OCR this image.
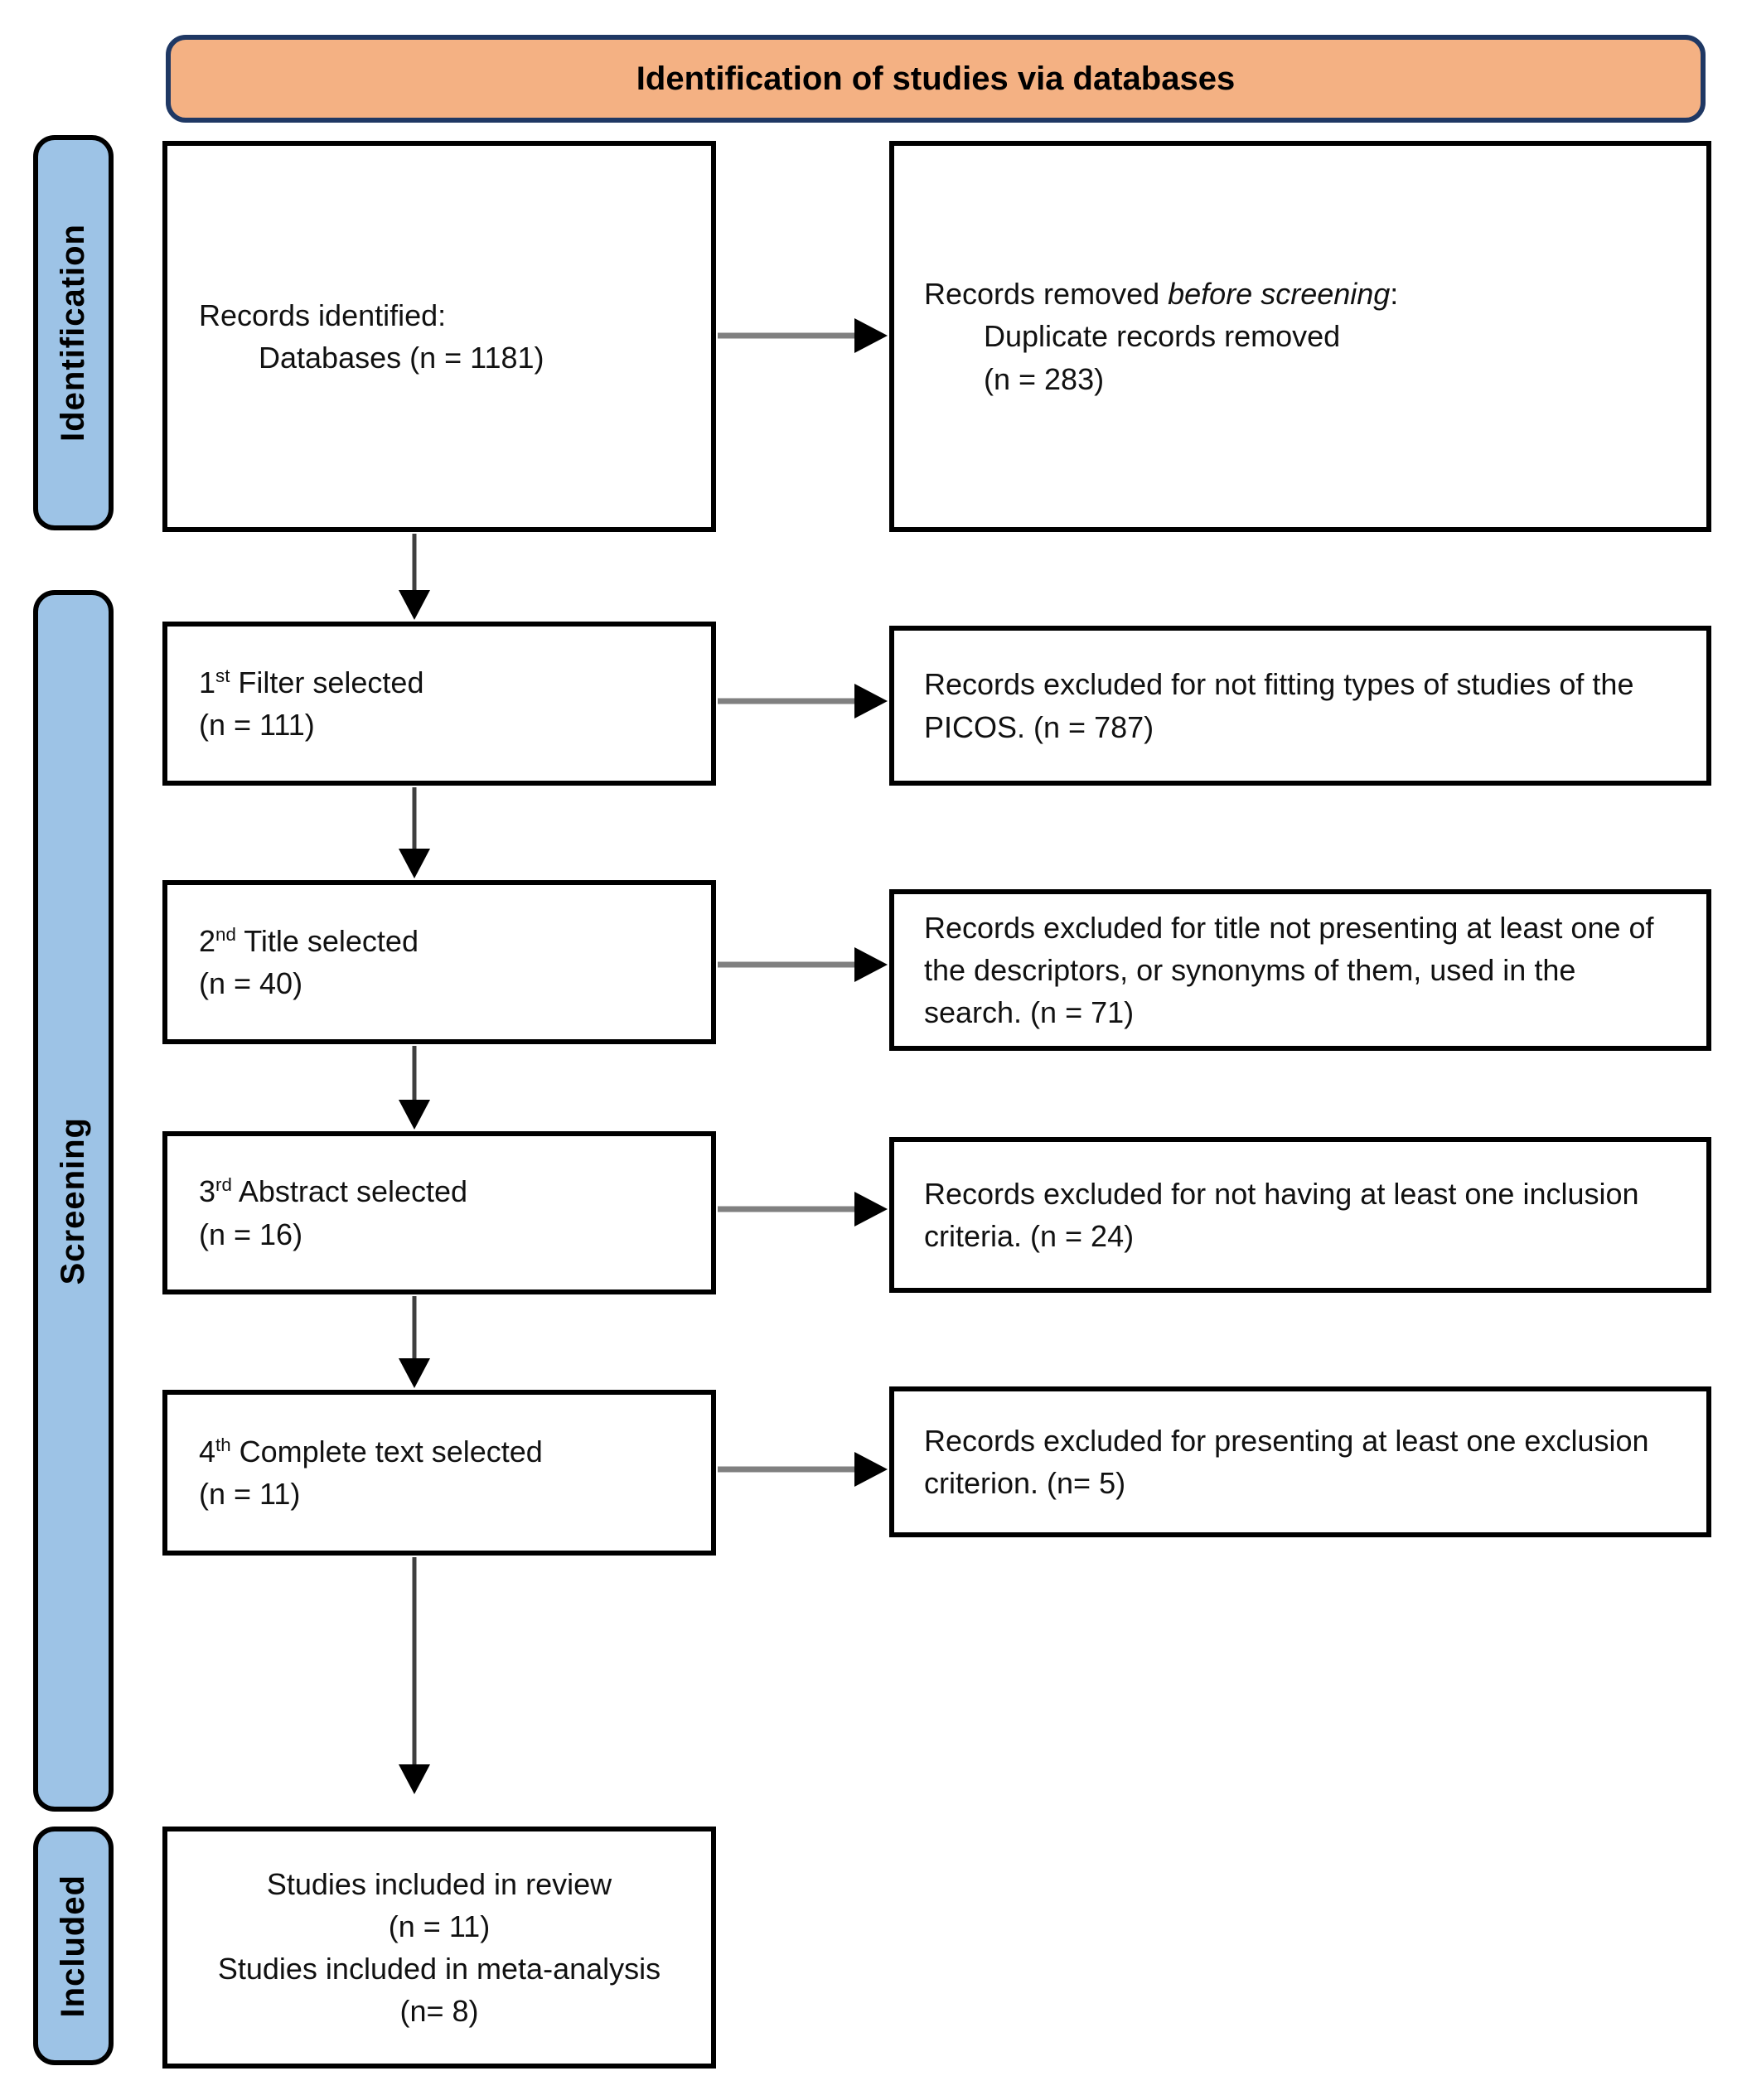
Identification of studies via databases
Identification
Screening
Included
Records identified:
Databases (n = 1181)
Records removed before screening:
Duplicate records removed
(n = 283)
1st Filter selected
(n = 111)
Records excluded for not fitting types of studies of the PICOS. (n = 787)
2nd Title selected
(n = 40)
Records excluded for title not presenting at least one of the descriptors, or synonyms of them, used in the search. (n = 71)
3rd Abstract selected
(n = 16)
Records excluded for not having at least one inclusion criteria. (n = 24)
4th Complete text selected
(n = 11)
Records excluded for presenting at least one exclusion criterion. (n= 5)
Studies included in review
(n = 11)
Studies included in meta-analysis
(n= 8)
